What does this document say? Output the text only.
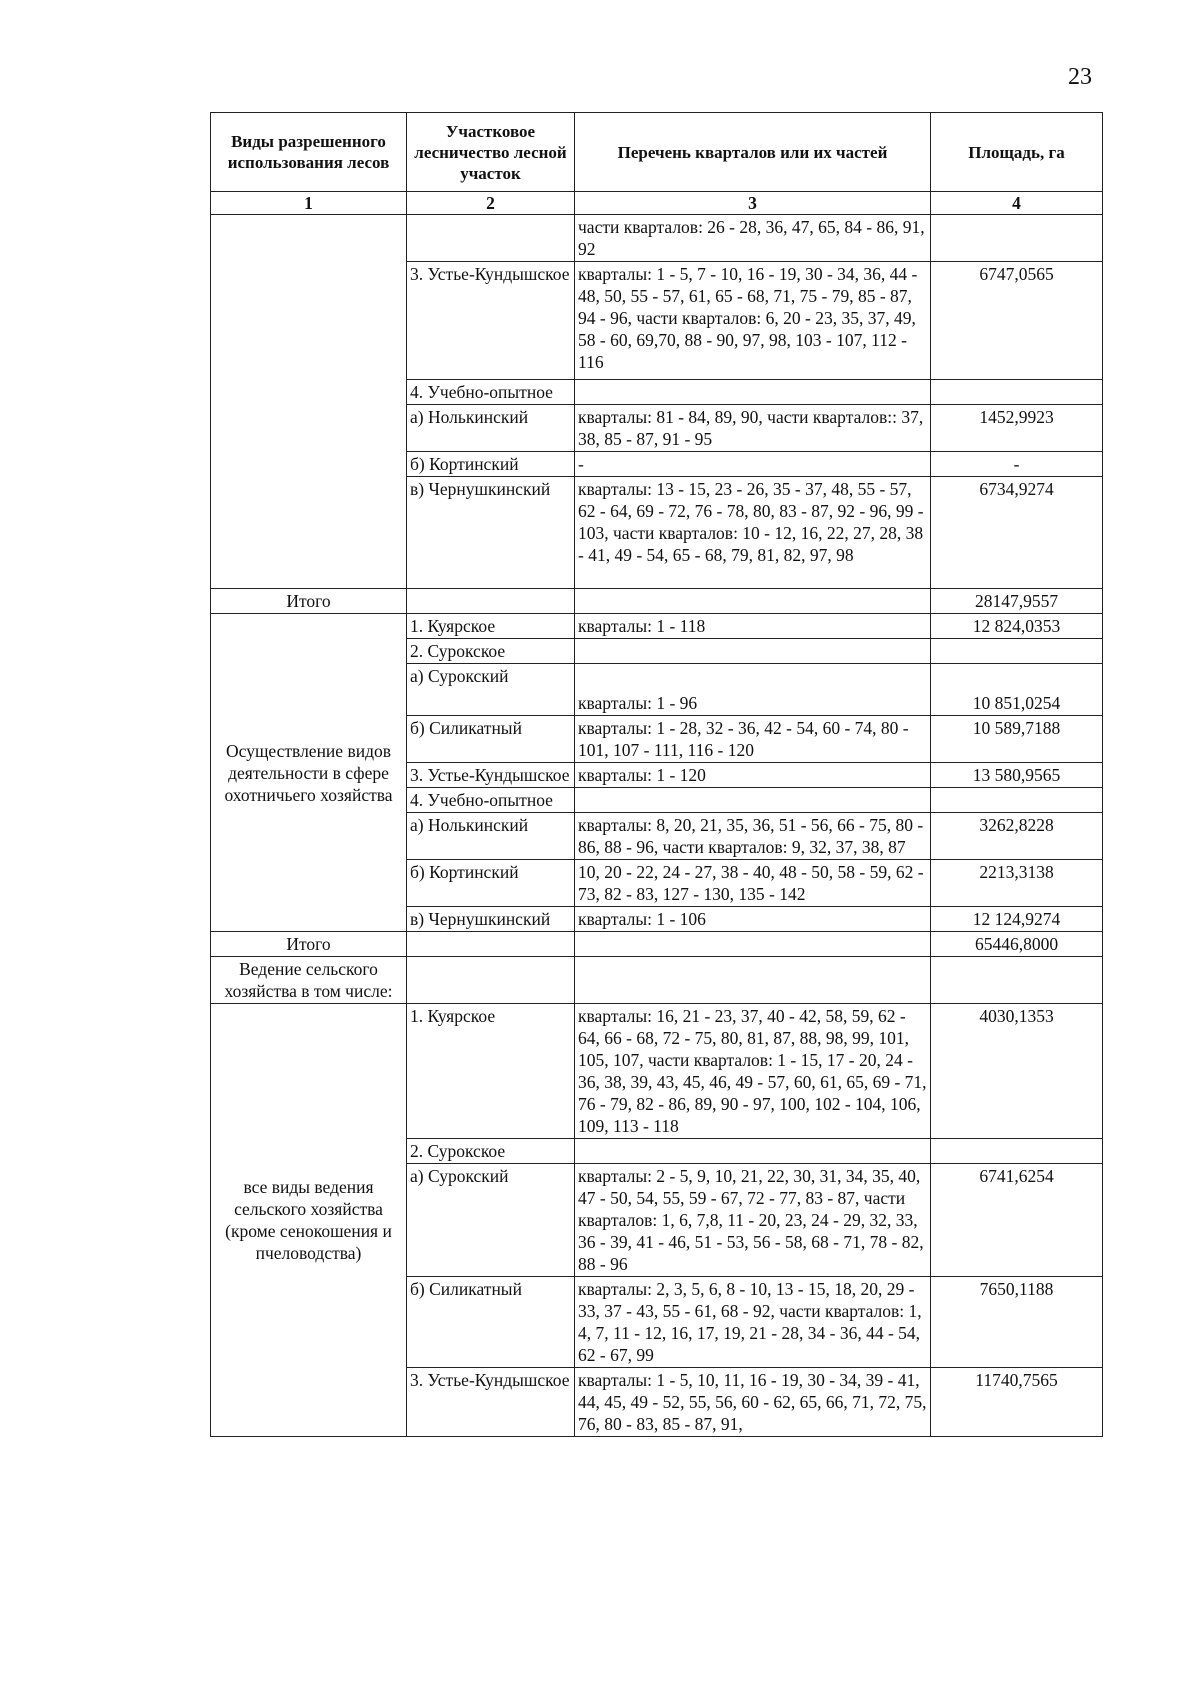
23
Виды разрешенного использования лесов	Участковое лесничество лесной участок	Перечень кварталов или их частей	Площадь, га
1	2	3	4
		части кварталов: 26 - 28, 36, 47, 65, 84 - 86, 91, 92	
	3. Устье-Кундышское	кварталы: 1 - 5, 7 - 10, 16 - 19, 30 - 34, 36, 44 - 48, 50, 55 - 57, 61, 65 - 68, 71, 75 - 79, 85 - 87, 94 - 96, части кварталов: 6, 20 - 23, 35, 37, 49, 58 - 60, 69,70, 88 - 90, 97, 98, 103 - 107, 112 - 116	6747,0565
	4. Учебно-опытное		
	а) Нолькинский	кварталы: 81 - 84, 89, 90, части кварталов:: 37, 38, 85 - 87, 91 - 95	1452,9923
	б) Кортинский	-	-
	в) Чернушкинский	кварталы: 13 - 15, 23 - 26, 35 - 37, 48, 55 - 57, 62 - 64, 69 - 72, 76 - 78, 80, 83 - 87, 92 - 96, 99 - 103, части кварталов: 10 - 12, 16, 22, 27, 28, 38 - 41, 49 - 54, 65 - 68, 79, 81, 82, 97, 98	6734,9274
Итого			28147,9557
Осуществление видов деятельности в сфере охотничьего хозяйства	1. Куярское	кварталы: 1 - 118	12 824,0353
	2. Сурокское		
	а) Сурокский	кварталы: 1 - 96	10 851,0254
	б) Силикатный	кварталы: 1 - 28, 32 - 36, 42 - 54, 60 - 74, 80 - 101, 107 - 111, 116 - 120	10 589,7188
	3. Устье-Кундышское	кварталы: 1 - 120	13 580,9565
	4. Учебно-опытное		
	а) Нолькинский	кварталы: 8, 20, 21, 35, 36, 51 - 56, 66 - 75, 80 - 86, 88 - 96, части кварталов: 9, 32, 37, 38, 87	3262,8228
	б) Кортинский	10, 20 - 22, 24 - 27, 38 - 40, 48 - 50, 58 - 59, 62 - 73, 82 - 83, 127 - 130, 135 - 142	2213,3138
	в) Чернушкинский	кварталы: 1 - 106	12 124,9274
Итого			65446,8000
Ведение сельского хозяйства в том числе:			
все виды ведения сельского хозяйства (кроме сенокошения и пчеловодства)	1. Куярское	кварталы: 16, 21 - 23, 37, 40 - 42, 58, 59, 62 - 64, 66 - 68, 72 - 75, 80, 81, 87, 88, 98, 99, 101, 105, 107, части кварталов: 1 - 15, 17 - 20, 24 - 36, 38, 39, 43, 45, 46, 49 - 57, 60, 61, 65, 69 - 71, 76 - 79, 82 - 86, 89, 90 - 97, 100, 102 - 104, 106, 109, 113 - 118	4030,1353
	2. Сурокское		
	а) Сурокский	кварталы: 2 - 5, 9, 10, 21, 22, 30, 31, 34, 35, 40, 47 - 50, 54, 55, 59 - 67, 72 - 77, 83 - 87, части кварталов: 1, 6, 7,8, 11 - 20, 23, 24 - 29, 32, 33, 36 - 39, 41 - 46, 51 - 53, 56 - 58, 68 - 71, 78 - 82, 88 - 96	6741,6254
	б) Силикатный	кварталы: 2, 3, 5, 6, 8 - 10, 13 - 15, 18, 20, 29 - 33, 37 - 43, 55 - 61, 68 - 92, части кварталов: 1, 4, 7, 11 - 12, 16, 17, 19, 21 - 28, 34 - 36, 44 - 54, 62 - 67, 99	7650,1188
	3. Устье-Кундышское	кварталы: 1 - 5, 10, 11, 16 - 19, 30 - 34, 39 - 41, 44, 45, 49 - 52, 55, 56, 60 - 62, 65, 66, 71, 72, 75, 76, 80 - 83, 85 - 87, 91,	11740,7565
